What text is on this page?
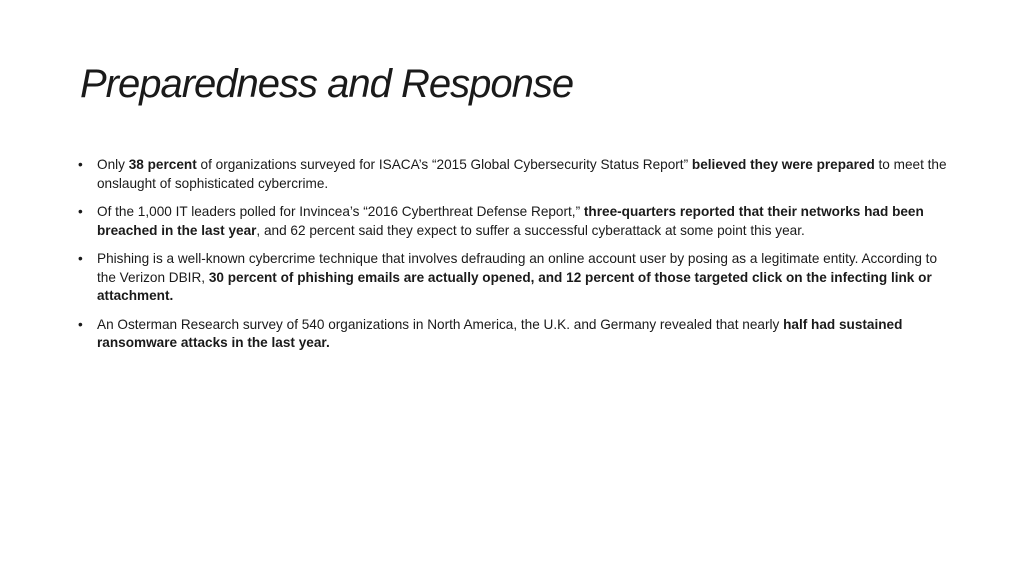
Preparedness and Response
•	Only 38 percent of organizations surveyed for ISACA’s “2015 Global Cybersecurity Status Report” believed they were prepared to meet the onslaught of sophisticated cybercrime.
•	Of the 1,000 IT leaders polled for Invincea’s “2016 Cyberthreat Defense Report,” three-quarters reported that their networks had been breached in the last year, and 62 percent said they expect to suffer a successful cyberattack at some point this year.
•	Phishing is a well-known cybercrime technique that involves defrauding an online account user by posing as a legitimate entity. According to the Verizon DBIR, 30 percent of phishing emails are actually opened, and 12 percent of those targeted click on the infecting link or attachment.
•	An Osterman Research survey of 540 organizations in North America, the U.K. and Germany revealed that nearly half had sustained ransomware attacks in the last year.
